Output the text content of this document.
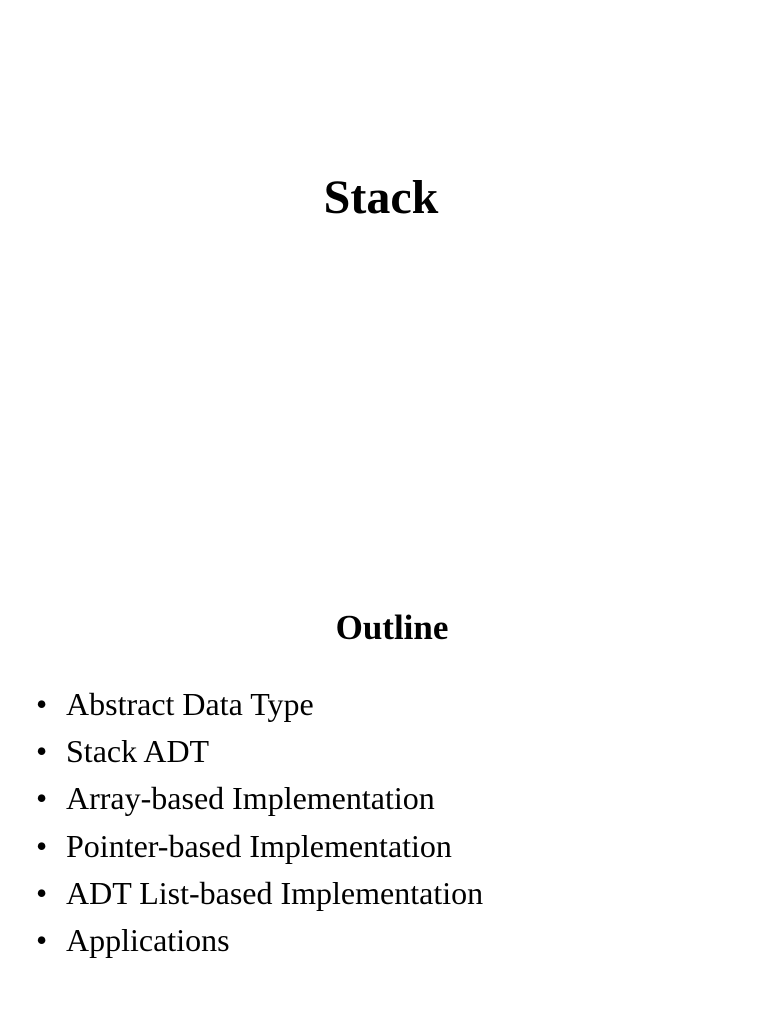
Stack
Outline
• Abstract Data Type
• Stack ADT
• Array-based Implementation
• Pointer-based Implementation
• ADT List-based Implementation
• Applications
